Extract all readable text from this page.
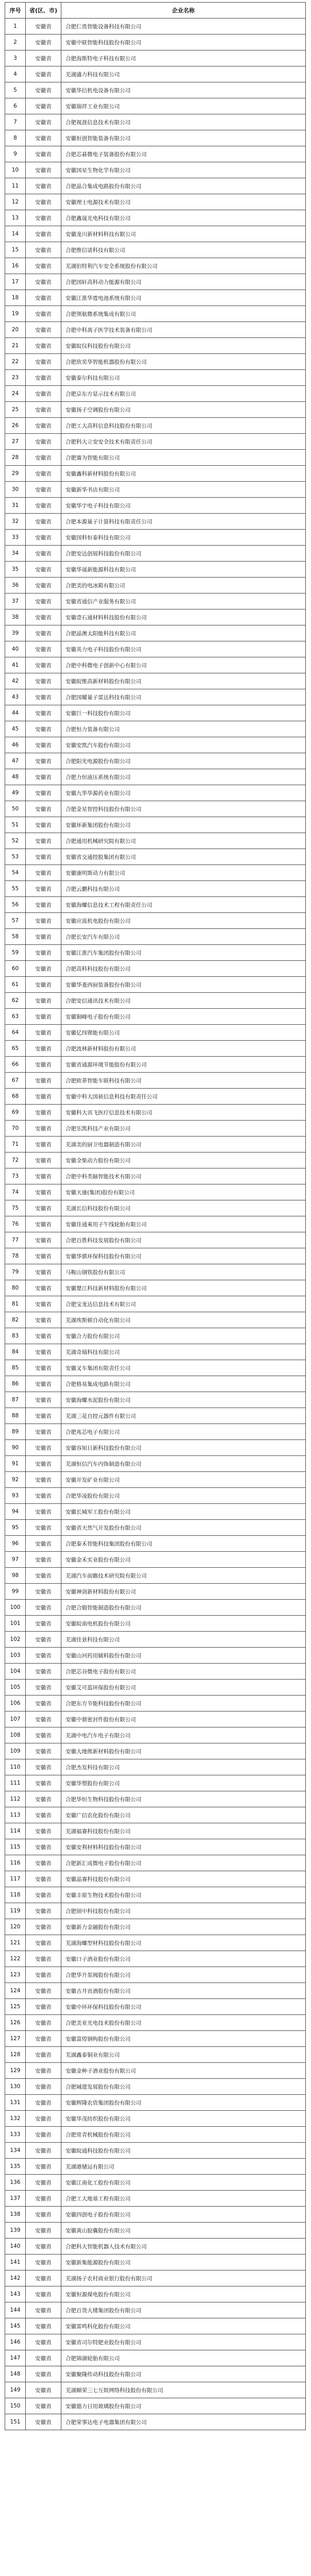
序号	省(区、市)	企业名称
1	安徽省	合肥仁贵智能设备科技有限公司
2	安徽省	安徽中联智能科技股份有限公司
3	安徽省	合肥海斯特电子科技有限公司
4	安徽省	芜湖盛力科技有限公司
5	安徽省	安徽华信机电设备有限公司
6	安徽省	安徽瑞祥工业有限公司
7	安徽省	合肥视涯信息技术有限公司
8	安徽省	安徽恒创智能装备有限公司
9	安徽省	合肥芯碁微电子装备股份有限公司
10	安徽省	安徽国星生物化学有限公司
11	安徽省	合肥晶合集成电路股份有限公司
12	安徽省	安徽理士电源技术有限公司
13	安徽省	合肥鑫晟光电科技有限公司
14	安徽省	安徽龙川新材料科技有限公司
15	安徽省	合肥维信诺科技有限公司
16	安徽省	芜湖伯特利汽车安全系统股份有限公司
17	安徽省	合肥国轩高科动力能源有限公司
18	安徽省	安徽江淮华霆电池系统有限公司
19	安徽省	合肥领航微系统集成有限公司
20	安徽省	合肥中科离子医学技术装备有限公司
21	安徽省	安徽皖仪科技股份有限公司
22	安徽省	合肥欣奕华智能机器股份有限公司
23	安徽省	安徽泰尔科技有限公司
24	安徽省	合肥京东方显示技术有限公司
25	安徽省	安徽扬子空调股份有限公司
26	安徽省	合肥工大高科信息科技股份有限公司
27	安徽省	合肥科大立安安全技术有限责任公司
28	安徽省	合肥赛为智能有限公司
29	安徽省	安徽鑫科新材料股份有限公司
30	安徽省	安徽新华书店有限公司
31	安徽省	安徽华宇电子科技有限公司
32	安徽省	合肥本源量子计算科技有限责任公司
33	安徽省	安徽国科恒泰科技有限公司
34	安徽省	合肥安达创展科技股份有限公司
35	安徽省	安徽华晟新能源科技有限公司
36	安徽省	合肥美的电冰箱有限公司
37	安徽省	安徽省通信产业服务有限公司
38	安徽省	安徽壹石通材料科技股份有限公司
39	安徽省	合肥晶澳太阳能科技有限公司
40	安徽省	安徽英力电子科技股份有限公司
41	安徽省	合肥中科微电子创新中心有限公司
42	安徽省	安徽皖维高新材料股份有限公司
43	安徽省	合肥国耀量子雷达科技有限公司
44	安徽省	安徽巨一科技股份有限公司
45	安徽省	合肥恒力装备有限公司
46	安徽省	安徽安凯汽车股份有限公司
47	安徽省	合肥阳光电源股份有限公司
48	安徽省	合肥力恒液压系统有限公司
49	安徽省	安徽九华华源药业有限公司
50	安徽省	合肥金星智控科技股份有限公司
51	安徽省	安徽环新集团股份有限公司
52	安徽省	合肥通用机械研究院有限公司
53	安徽省	安徽省交通控股集团有限公司
54	安徽省	安徽康明斯动力有限公司
55	安徽省	合肥云鹏科技有限公司
56	安徽省	安徽海螺信息技术工程有限责任公司
57	安徽省	安徽应流机电股份有限公司
58	安徽省	合肥长安汽车有限公司
59	安徽省	安徽江淮汽车集团股份有限公司
60	安徽省	合肥高科科技股份有限公司
61	安徽省	安徽华菱西厨装备股份有限公司
62	安徽省	合肥安信通讯技术有限公司
63	安徽省	安徽铜峰电子股份有限公司
64	安徽省	安徽亿纬锂能有限公司
65	安徽省	合肥波林新材料股份有限公司
66	安徽省	安徽省通源环境节能股份有限公司
67	安徽省	合肥欧菲智能车联科技有限公司
68	安徽省	安徽中科大国祯信息科技有限责任公司
69	安徽省	安徽科大讯飞医疗信息技术有限公司
70	安徽省	合肥乐凯科技产业有限公司
71	安徽省	芜湖美的厨卫电器制造有限公司
72	安徽省	安徽全柴动力股份有限公司
73	安徽省	合肥中科类脑智能技术有限公司
74	安徽省	安徽天康(集团)股份有限公司
75	安徽省	芜湖长信科技股份有限公司
76	安徽省	安徽佳通乘用子午线轮胎有限公司
77	安徽省	合肥百胜科技发展股份有限公司
78	安徽省	安徽华骐环保科技股份有限公司
79	安徽省	马鞍山钢铁股份有限公司
80	安徽省	安徽楚江科技新材料股份有限公司
81	安徽省	合肥宝龙达信息技术有限公司
82	安徽省	芜湖埃斯顿自动化有限公司
83	安徽省	安徽合力股份有限公司
84	安徽省	芜湖奇瑞科技有限公司
85	安徽省	安徽叉车集团有限责任公司
86	安徽省	合肥格易集成电路有限公司
87	安徽省	安徽海螺水泥股份有限公司
88	安徽省	芜湖三花自控元器件有限公司
89	安徽省	合肥兆芯电子有限公司
90	安徽省	安徽容知日新科技股份有限公司
91	安徽省	芜湖恒信汽车内饰制造有限公司
92	安徽省	安徽开发矿业有限公司
93	安徽省	合肥华凌股份有限公司
94	安徽省	安徽长城军工股份有限公司
95	安徽省	安徽省天然气开发股份有限公司
96	安徽省	合肥泰禾智能科技集团股份有限公司
97	安徽省	安徽金禾实业股份有限公司
98	安徽省	芜湖汽车前瞻技术研究院有限公司
99	安徽省	安徽神剑新材料股份有限公司
100	安徽省	合肥合锻智能制造股份有限公司
101	安徽省	安徽皖南电机股份有限公司
102	安徽省	芜湖佳景科技有限公司
103	安徽省	安徽山河药用辅料股份有限公司
104	安徽省	合肥芯谷微电子股份有限公司
105	安徽省	安徽艾可蓝环保股份有限公司
106	安徽省	合肥东方节能科技股份有限公司
107	安徽省	安徽中鼎密封件股份有限公司
108	安徽省	芜湖中电汽车电子有限公司
109	安徽省	安徽大地熊新材料股份有限公司
110	安徽省	合肥杰发科技有限公司
111	安徽省	安徽华塑股份有限公司
112	安徽省	合肥华恒生物科技股份有限公司
113	安徽省	安徽广信农化股份有限公司
114	安徽省	芜湖福赛科技股份有限公司
115	安徽省	安徽安利材料科技股份有限公司
116	安徽省	合肥新汇成微电子股份有限公司
117	安徽省	安徽晶赛科技股份有限公司
118	安徽省	安徽丰原生物技术股份有限公司
119	安徽省	合肥颀中科技股份有限公司
120	安徽省	安徽新力金融股份有限公司
121	安徽省	芜湖海螺型材科技股份有限公司
122	安徽省	安徽口子酒业股份有限公司
123	安徽省	合肥华升泵阀股份有限公司
124	安徽省	安徽古井贡酒股份有限公司
125	安徽省	安徽中环环保科技股份有限公司
126	安徽省	合肥美亚光电技术股份有限公司
127	安徽省	安徽富煌钢构股份有限公司
128	安徽省	芜湖鑫泰铜业有限公司
129	安徽省	安徽金种子酒业股份有限公司
130	安徽省	合肥城建发展股份有限公司
131	安徽省	安徽辉隆农资集团股份有限公司
132	安徽省	安徽华茂纺织股份有限公司
133	安徽省	合肥常青机械股份有限公司
134	安徽省	安徽皖通科技股份有限公司
135	安徽省	芜湖港储运有限公司
136	安徽省	安徽江南化工股份有限公司
137	安徽省	合肥工大地基工程有限公司
138	安徽省	安徽四创电子股份有限公司
139	安徽省	安徽黄山胶囊股份有限公司
140	安徽省	合肥科大智能机器人技术有限公司
141	安徽省	安徽新集能源股份有限公司
142	安徽省	芜湖扬子农村商业银行股份有限公司
143	安徽省	安徽恒源煤电股份有限公司
144	安徽省	合肥百货大楼集团股份有限公司
145	安徽省	安徽雷鸣科化股份有限公司
146	安徽省	安徽省司尔特肥业股份有限公司
147	安徽省	合肥锦湖轮胎有限公司
148	安徽省	安徽聚隆传动科技股份有限公司
149	安徽省	芜湖顺荣三七互娱网络科技股份有限公司
150	安徽省	安徽德力日用玻璃股份有限公司
151	安徽省	合肥荣事达电子电器集团有限公司
